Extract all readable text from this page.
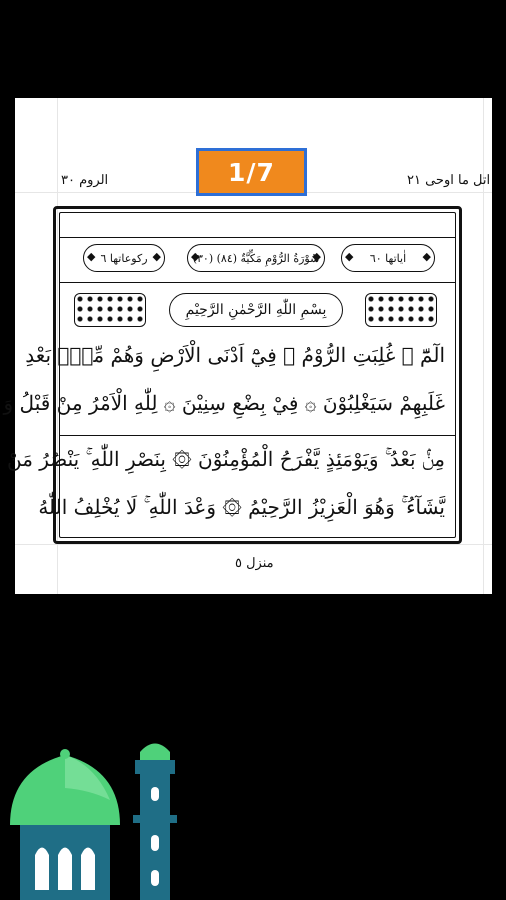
الروم ٣٠	1/7	اتل ما اوحی ٢١
◆ رکوعاتھا ٦
◆	◆ (٣٠) سُوْرَةُ الرُّوْمِ مَكِّيَّةٌ (٨٤)
◆	◆ اٰیاتھا ٦٠
◆
بِسْمِ اللّٰهِ الرَّحْمٰنِ الرَّحِيْمِ
الٓمّٓ ۞ غُلِبَتِ الرُّوْمُ ۞ فِيْٓ اَدْنَى الْاَرْضِ وَهُمْ مِّنْۢ بَعْدِ
غَلَبِهِمْ سَيَغْلِبُوْنَ ۞ فِيْ بِضْعِ سِنِيْنَ ۞ لِلّٰهِ الْاَمْرُ مِنْ قَبْلُ وَ
مِنْۢ بَعْدُ ۚ وَيَوْمَئِذٍ يَّفْرَحُ الْمُؤْمِنُوْنَ ۞ بِنَصْرِ اللّٰهِ ۚ يَنْصُرُ مَنْ
يَّشَآءُ ۚ وَهُوَ الْعَزِيْزُ الرَّحِيْمُ ۞ وَعْدَ اللّٰهِ ۚ لَا يُخْلِفُ اللّٰهُ
منزل ٥
